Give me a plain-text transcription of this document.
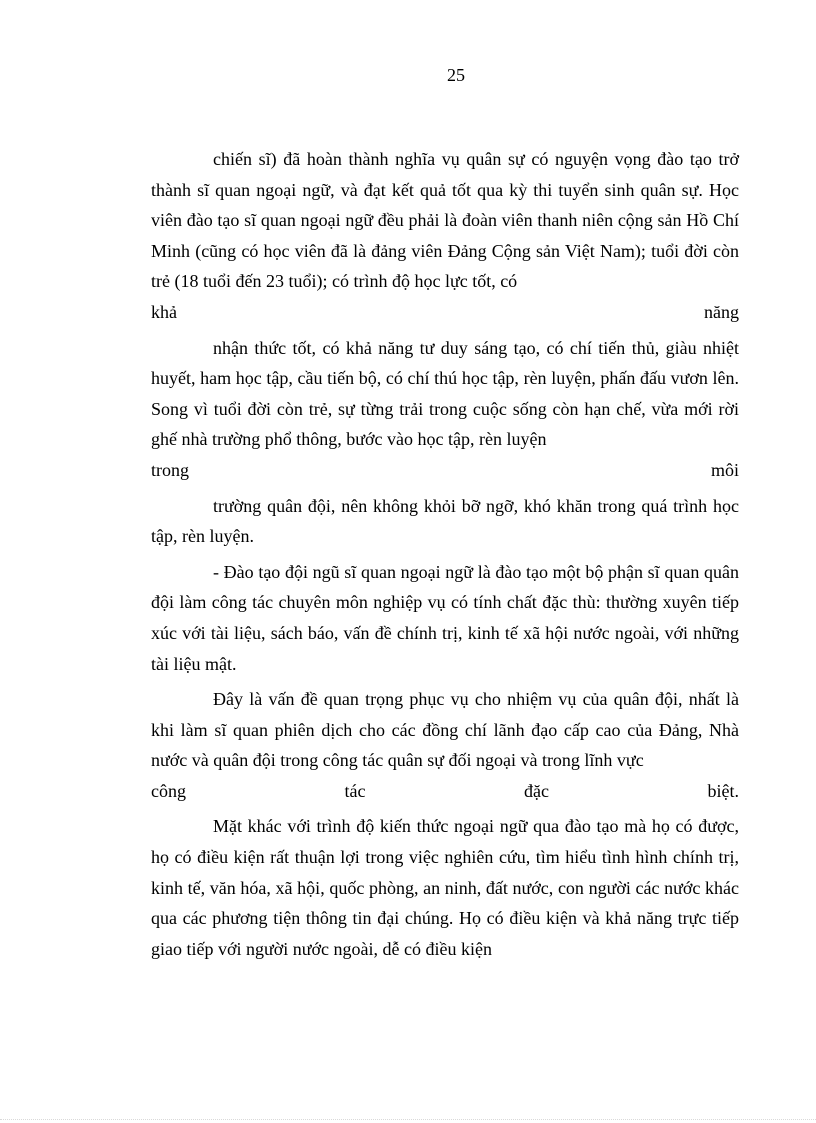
25

chiến sĩ) đã hoàn thành nghĩa vụ quân sự có nguyện vọng đào tạo trở thành sĩ quan ngoại ngữ, và đạt kết quả tốt qua kỳ thi tuyển sinh quân sự. Học viên đào tạo sĩ quan ngoại ngữ đều phải là đoàn viên thanh niên cộng sản Hồ Chí Minh (cũng có học viên đã là đảng viên Đảng Cộng sản Việt Nam); tuổi đời còn trẻ (18 tuổi đến 23 tuổi); có trình độ học lực tốt, có

khả	năng

nhận thức tốt, có khả năng tư duy sáng tạo, có chí tiến thủ, giàu nhiệt huyết, ham học tập, cầu tiến bộ, có chí thú học tập, rèn luyện, phấn đấu vươn lên. Song vì tuổi đời còn trẻ, sự từng trải trong cuộc sống còn hạn chế, vừa mới rời ghế nhà trường phổ thông, bước vào học tập, rèn luyện

trong	môi

trường quân đội, nên không khỏi bỡ ngỡ, khó khăn trong quá trình học tập, rèn luyện.

- Đào tạo đội ngũ sĩ quan ngoại ngữ là đào tạo một bộ phận sĩ quan quân đội làm công tác chuyên môn nghiệp vụ có tính chất đặc thù: thường xuyên tiếp xúc với tài liệu, sách báo, vấn đề chính trị, kinh tế xã hội nước ngoài, với những tài liệu mật.

Đây là vấn đề quan trọng phục vụ cho nhiệm vụ của quân đội, nhất là khi làm sĩ quan phiên dịch cho các đồng chí lãnh đạo cấp cao của Đảng, Nhà nước và quân đội trong công tác quân sự đối ngoại và trong lĩnh vực

công	tác	đặc	biệt.

Mặt khác với trình độ kiến thức ngoại ngữ qua đào tạo mà họ có được, họ có điều kiện rất thuận lợi trong việc nghiên cứu, tìm hiểu tình hình chính trị, kinh tế, văn hóa, xã hội, quốc phòng, an ninh, đất nước, con người các nước khác qua các phương tiện thông tin đại chúng. Họ có điều kiện và khả năng trực tiếp giao tiếp với người nước ngoài, dễ có điều kiện
